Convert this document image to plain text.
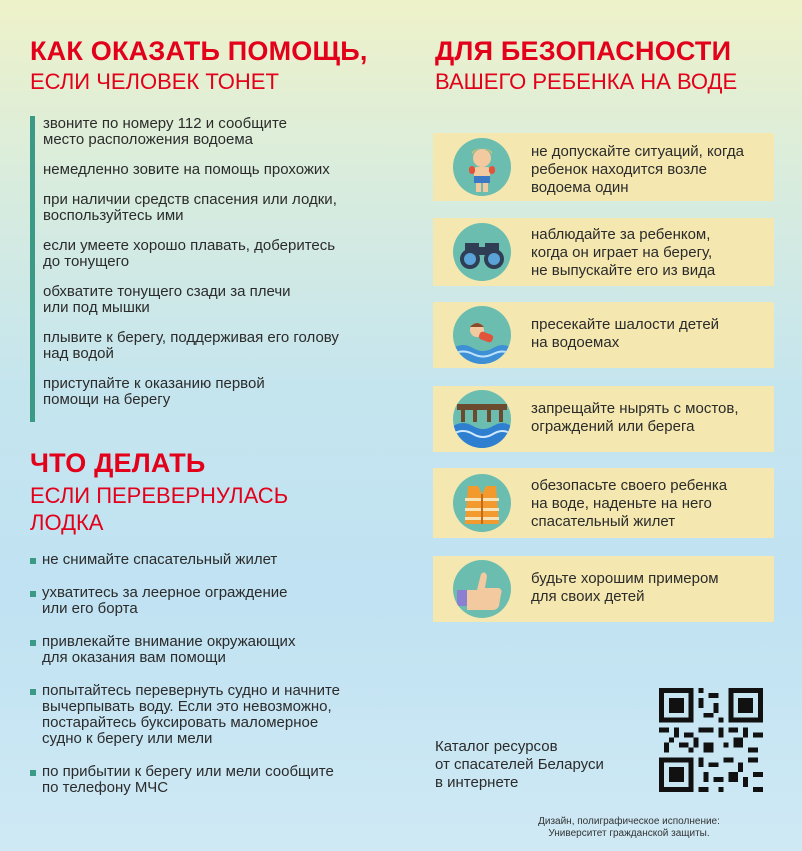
КАК ОКАЗАТЬ ПОМОЩЬ,
ЕСЛИ ЧЕЛОВЕК ТОНЕТ
звоните по номеру 112 и сообщите
место расположения водоема
немедленно зовите на помощь прохожих
при наличии средств спасения или лодки,
воспользуйтесь ими
если умеете хорошо плавать, доберитесь
до тонущего
обхватите тонущего сзади за плечи
или под мышки
плывите к берегу, поддерживая его голову
над водой
приступайте к оказанию первой
помощи на берегу
ЧТО ДЕЛАТЬ
ЕСЛИ ПЕРЕВЕРНУЛАСЬ
ЛОДКА
не снимайте спасательный жилет
ухватитесь за леерное ограждение
или его борта
привлекайте внимание окружающих
для оказания вам помощи
попытайтесь перевернуть судно и начните
вычерпывать воду. Если это невозможно,
постарайтесь буксировать маломерное
судно к берегу или мели
по прибытии к берегу или мели сообщите
по телефону МЧС
ДЛЯ БЕЗОПАСНОСТИ
ВАШЕГО РЕБЕНКА НА ВОДЕ
не допускайте ситуаций, когда
ребенок находится возле
водоема один
наблюдайте за ребенком,
когда он играет на берегу,
не выпускайте его из вида
пресекайте шалости детей
на водоемах
запрещайте нырять с мостов,
ограждений или берега
обезопасьте своего ребенка
на воде, наденьте на него
спасательный жилет
будьте хорошим примером
для своих детей
Каталог ресурсов
от спасателей Беларуси
в интернете
Дизайн, полиграфическое исполнение:
Университет гражданской защиты.
